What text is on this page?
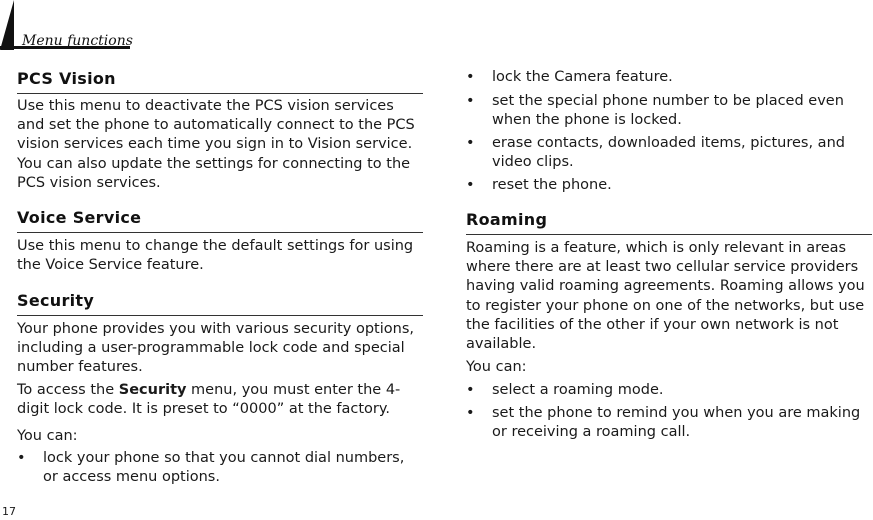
Menu functions
PCS Vision

Use this menu to deactivate the PCS vision services and set the phone to automatically connect to the PCS vision services each time you sign in to Vision service. You can also update the settings for connecting to the PCS vision services.

Voice Service

Use this menu to change the default settings for using the Voice Service feature.

Security

Your phone provides you with various security options, including a user-programmable lock code and special number features.

To access the Security menu, you must enter the 4-digit lock code. It is preset to “0000” at the factory.

You can:

• lock your phone so that you cannot dial numbers, or access menu options.
• lock the Camera feature.
• set the special phone number to be placed even when the phone is locked.
• erase contacts, downloaded items, pictures, and video clips.
• reset the phone.
Roaming

Roaming is a feature, which is only relevant in areas where there are at least two cellular service providers having valid roaming agreements. Roaming allows you to register your phone on one of the networks, but use the facilities of the other if your own network is not available.

You can:

• select a roaming mode.
• set the phone to remind you when you are making or receiving a roaming call.
17
